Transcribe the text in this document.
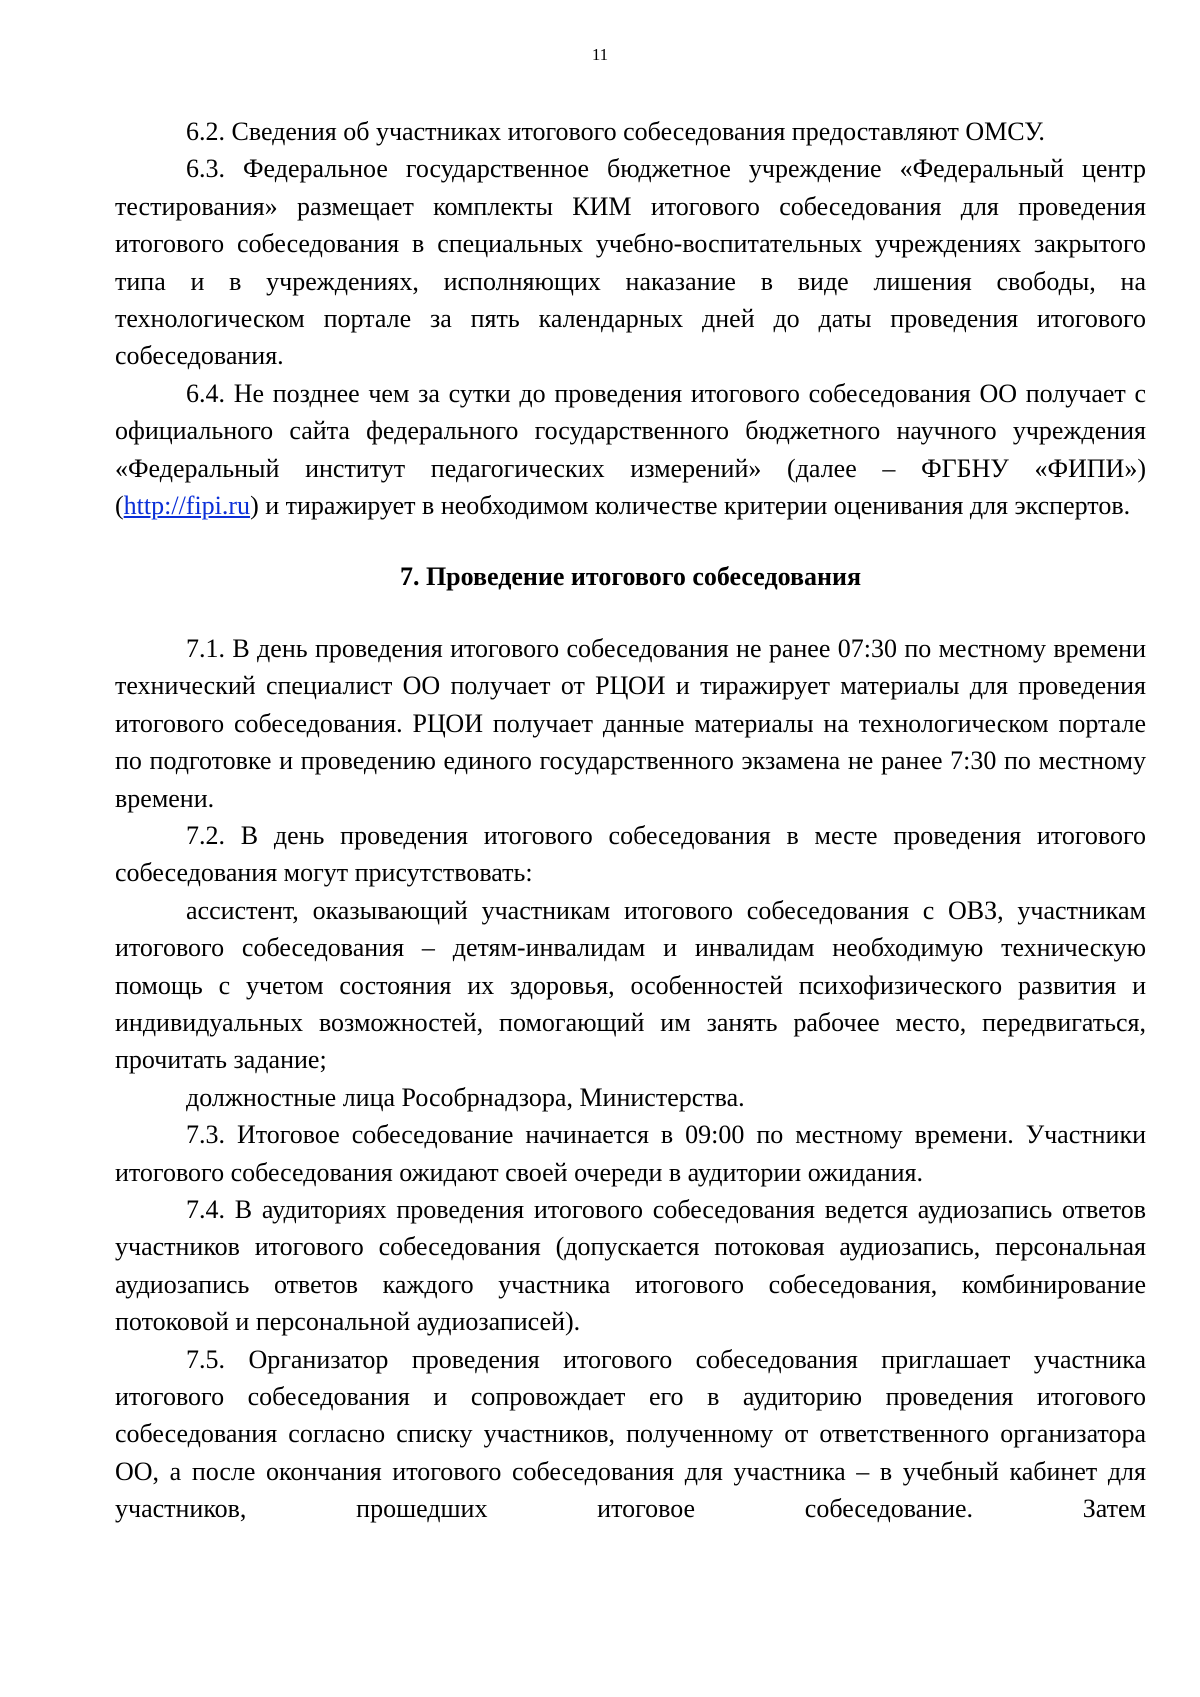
11

6.2. Сведения об участниках итогового собеседования предоставляют ОМСУ.

6.3. Федеральное государственное бюджетное учреждение «Федеральный центр тестирования» размещает комплекты КИМ итогового собеседования для проведения итогового собеседования в специальных учебно-воспитательных учреждениях закрытого типа и в учреждениях, исполняющих наказание в виде лишения свободы, на технологическом портале за пять календарных дней до даты проведения итогового собеседования.

6.4. Не позднее чем за сутки до проведения итогового собеседования ОО получает с официального сайта федерального государственного бюджетного научного учреждения «Федеральный институт педагогических измерений» (далее – ФГБНУ «ФИПИ») (http://fipi.ru) и тиражирует в необходимом количестве критерии оценивания для экспертов.

7. Проведение итогового собеседования

7.1. В день проведения итогового собеседования не ранее 07:30 по местному времени технический специалист ОО получает от РЦОИ и тиражирует материалы для проведения итогового собеседования. РЦОИ получает данные материалы на технологическом портале по подготовке и проведению единого государственного экзамена не ранее 7:30 по местному времени.

7.2. В день проведения итогового собеседования в месте проведения итогового собеседования могут присутствовать:

ассистент, оказывающий участникам итогового собеседования с ОВЗ, участникам итогового собеседования – детям-инвалидам и инвалидам необходимую техническую помощь с учетом состояния их здоровья, особенностей психофизического развития и индивидуальных возможностей, помогающий им занять рабочее место, передвигаться, прочитать задание;

должностные лица Рособрнадзора, Министерства.

7.3. Итоговое собеседование начинается в 09:00 по местному времени. Участники итогового собеседования ожидают своей очереди в аудитории ожидания.

7.4. В аудиториях проведения итогового собеседования ведется аудиозапись ответов участников итогового собеседования (допускается потоковая аудиозапись, персональная аудиозапись ответов каждого участника итогового собеседования, комбинирование потоковой и персональной аудиозаписей).

7.5. Организатор проведения итогового собеседования приглашает участника итогового собеседования и сопровождает его в аудиторию проведения итогового собеседования согласно списку участников, полученному от ответственного организатора ОО, а после окончания итогового собеседования для участника – в учебный кабинет для участников, прошедших итоговое собеседование. Затем
